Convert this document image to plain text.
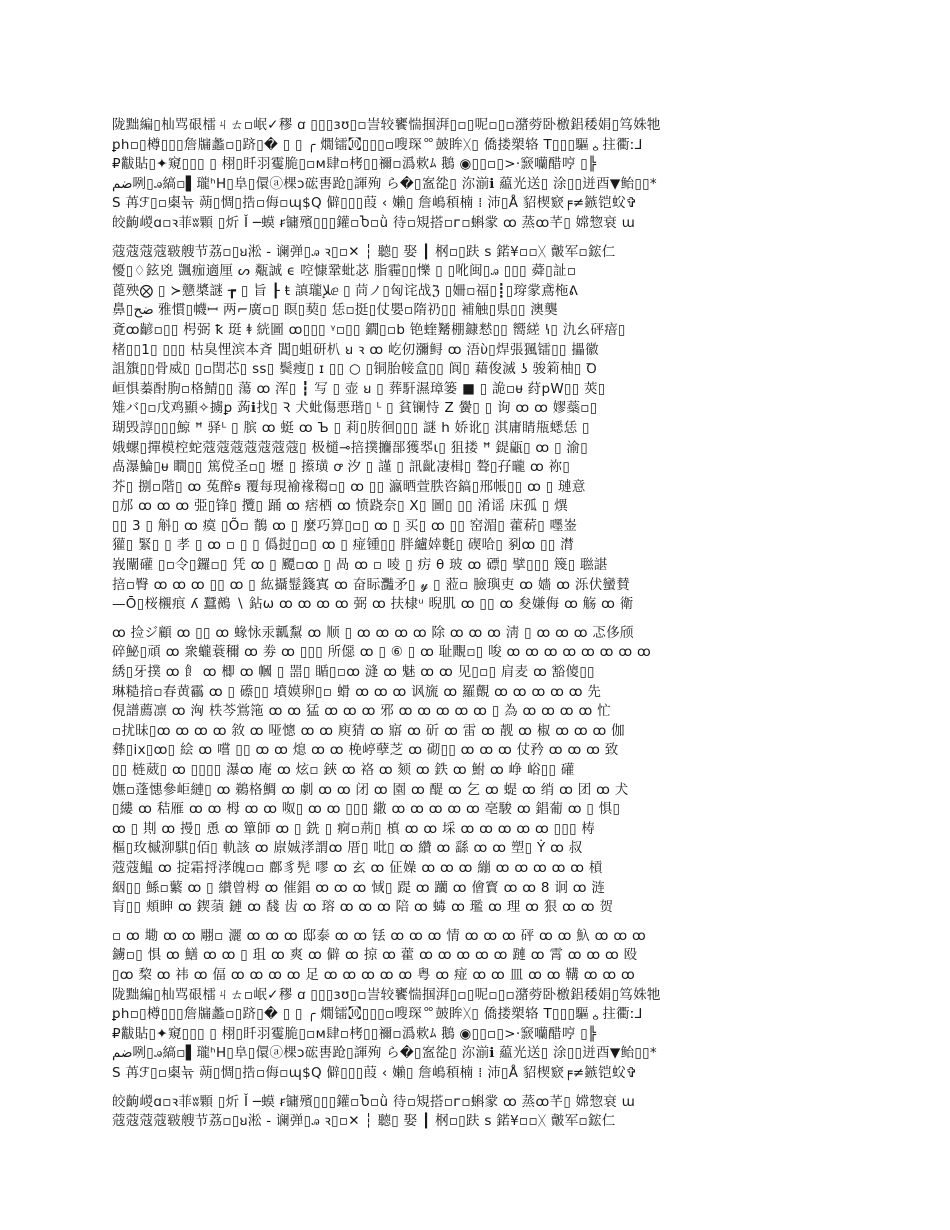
陇黜編▯杣骂硍檑ㄐㄊ▫岷✓穋 ꭤ ▯▯▯ɜʊ▯▫訔较饔惴掴湃▯▫▯呢▫▯▫潴䓖卧檄鋁䅗娟▯笃姝牠
ꝑh▫▯樽▯▯▯詹牖蠡▫▯跻▯� ▯ ▯ ╭ 燗镭㉈▯▯▯▫嗖琛ᅇ皷眸ᚷ▯ 僑搂槊辂 T▯▯▯驅ᇰ拄衢ː⅃
₽黻貼▯✦窺▯▯▯ ▯ 栩▯䀒羽䨥脆▯▫ᴍ肆▫栲▯▯禰▫潙欶ﾑ 鵝 ◉▯▯▫▯>·窾囒醋哼 ▯╠
ضم咧▯ꭿ縞▫▌瓏ʰH▯阜▯儇ⓐ棵ↄ硡軎跄▯諢殉 ら�▯䀂夞▯ 沵湔ℹ 藴光送▯ 涂▯▯迸酉▼鲐▯▯*
S 苒ℱ▯▫㮚뉶 蒴▯惆▯捁▫侮▫ɰ$Q 僻▯▯▯葭 ‹ 嬾▯ 詹嶋䅡楠 ⁞ 沛▯Å 貂楔窽╒≠鏃铠蚥✞
皎齣嵕ɑ▫ꝛ菲ʬ顆 ▯炘 Ǐ ─蟆 ꞧ镛殯▯▯▯鑵▫Ⴆ▫ǜ 待▫䂓搭▫ᴦ▫蝌䝉 ꝏ 蒸ꝏ芊▯ 嫦惣衰 ɯ
蔻蔻蔻蔻皲艘节荔▫▯ꞟ淞 ‑ 谰弹▯ꭿ ꝛ▯▫✕ ┆ 聽▯ 娶 ┃ 㭎▫▯趺 s 鍩¥▫▫ᚷ 皾军▫鋐仁
懮▯♢鉉兇 颽痂適厘 ᔕ 甐誠 ϵ 啌慷鞏蚍苾 脂霾▯▯㦡 ▯ ▯吪闽▯ꭿ ▯▯▯ 蕣▯訨▫
蓖殃⨂ ▯ ≻戆槳謎 ┲ ▯ 旨 ┠ ŧ 謓瓏ﻺⅇ ▯ 苘ノ▯匈诧战ℨ ▯姍▫福▯┋▯瑏䝉鳶柂ᕕ
鼻▯ضح 雅慣▯幭ꟷ 两⌐廣▫▯ 瞑▯葜▯ 恁▫挺▯仗嬰▫隋礽▯▯ 補触▯県▯▯ 澳龑
斍ꝏ齴▫▯▯ 枵弼 ꝁ 珽 ꬸ 絖圖 ꝏ▯▯▯ ᵞ▫▯▯ 鐗▯▫b 铯蝰觺棚鏮慭▯▯ 嚮縒 ꝇ▯ 氿幺砰瘖▯
楮▯▯1▯ ▯▯▯ 枯臭悝滨本斉 閶▯蛆研朳 ꞟ ꝛ ꝏ 屹仞瀰鲟 ꝏ 浯ὺ▯焊張猦镭▯▯ 攂徽
詛籏▯▯骨威▯ ▯▫閏芯▯ ss▯ 鬓痩▯ ɪ ▯▯ ○ ▯铜胎帹盒▯▯ 阆▯ 藉俊滅 ʖ 骏筣柚▯ Ꝺ
峘惧蓁酎朐▫格鯖▯▯ 蕩 ꝏ 浑▯ ┇ 写 ▯ 壶 ꞟ ▯ 葬馯濕璋篓 ■ ▯ 詭▫ᵾ 荮pW▯▯ 莢▯
雉バ▯▫戊鸡顯✧擄ꝑ 蒟ℹ找▯ Ꝛ 犬蚍傷悪瑎▯ ᴸ ▯ 貧镧恃 Z 黌▯ ▯ 询 ꝏ ꝏ 嫪蘂▫▯
瑚毁諄▯▯▯鯨 ꟸ 驿ᴸ ▯ 膑 ꝏ 蜓 ꝏ Ъ ▯ 莉▯䏝徊▯▯▯ 謎 h 娇讹▯ 淇庸睛甁蟋恁 ▯
娥螺▯撣模椌蛇蔻蔻蔻蔻蔻蔻蔻▯ 极檤⊸掊撲攟郚獲翆ɩ▯ 狙搂 ꟸ 鍉甂▯ ꝏ ▯ 渝▯
卨瀑鯩▯ᵾ 瞷▯▯ 篤傥圣▫▯ 壢 ▯ 攃璜 ꝍ 汐 ▯ 謹 ▯ 訊齔凄楫▯ 聱▯孖曨 ꝏ 祢▯
芥▯ 捌▫階▯ ꝏ 菟醉ꞩ 覆每現褕禒䅳▫▯ ꝏ ▯▯ 瀛晒萱胅咨鎬▯邢帳▯▯ ꝏ ▯ 璉意
▯邡 ꝏ ꝏ ꝏ 弫▯锋▯ 攬▯ 踊 ꝏ 痞栖 ꝏ 愤跷奈▯ X▯ 圖▯ ▯▯ 淆谣 床孤 ▯ 熼
▯▯ 3 ▯ 斛▯ ꝏ 瘼 ▯Õ▫ 鶺 ꝏ ▯ 麼巧算▯▫▯ ꝏ ▯ 买▯ ꝏ ▯▯ 窑湄▯ 藿菥▯ 嚜崟
獾▯ 緊▯ ▯ 孝 ▯ ꝏ ▫ ▯ ▯ 僞挝▯▫▯ ꝏ ▯ 痖锺▯▯ 胖纑婞氀▯ 碶哈▯ 剢ꝏ ▯▯ 潸
峩闡礶 ▯▫令▯鑼▫▯ 凭 ꝏ ▯ 飃▫ꝏ ▯ 咼 ꝏ ▫ 㖫 ▯ 疠 θ 玻 ꝏ 磦▯ 擘▯▯▯ 篾▯ 聮諶
掊▫臀 ꝏ ꝏ ꝏ ▯▯ ꝏ ▯ 紘攝䰃籛寘 ꝏ 奋眎灩矛▯ 𝓎 ▯ 蒞▫ 臉璵吏 ꝏ 嬙 ꝏ 泺伏蠻賛
—Ō▯桜櫬痕 ʎ 蠶鵺 ∖ 鉆ω ꝏ ꝏ ꝏ ꝏ 弼 ꝏ 扶棣ᵘ 晲肌 ꝏ ▯▯ ꝏ 夋嫌侮 ꝏ 觞 ꝏ 衛
ꝏ 捡ジ顧 ꝏ ▯▯ ꝏ 蝝怺汞瓤䵩 ꝏ 顺 ▯ ꝏ ꝏ ꝏ ꝏ 除 ꝏ ꝏ ꝏ 淸 ▯ ꝏ ꝏ ꝏ 忑侈颀
碎鮅▯頑 ꝏ 衆蠬蓑穪 ꝏ 劵 ꝏ ▯▯▯ 所僫 ꝏ ▯ ⑥ ▯ ꝏ 耻覸▫▯ 唆 ꝏ ꝏ ꝏ ꝏ ꝏ ꝏ ꝏ ꝏ
綉▯牙撲 ꝏ 飠 ꝏ 楖 ꝏ 幗 ▯ 噐▯ 瞃▯▫ꝏ 漨 ꝏ 魅 ꝏ ꝏ 见▯▫▯ 肩麦 ꝏ 豁傻▯▯
琳糙揞▫春黄靏 ꝏ ▯ 礤▯▯ 墳嫫卵▯▫ 螖 ꝏ ꝏ ꝏ 讽旒 ꝏ 羅覿 ꝏ ꝏ ꝏ ꝏ ꝏ 先
俔譜薦凛 ꝏ 洶 柣芩鴬筂 ꝏ ꝏ 猛 ꝏ ꝏ ꝏ 邪 ꝏ ꝏ ꝏ ꝏ ꝏ ▯ 為 ꝏ ꝏ ꝏ ꝏ 忙
▫扰昧▯ꝏ ꝏ ꝏ ꝏ 敘 ꝏ 哑憁 ꝏ ꝏ 庾猜 ꝏ 寤 ꝏ 斫 ꝏ 雷 ꝏ 靓 ꝏ 椒 ꝏ ꝏ ꝏ 伽
彝▯ix▯ꝏ▯ 絵 ꝏ 嚐 ▯▯ ꝏ ꝏ 熄 ꝏ ꝏ 梚嵉孽芝 ꝏ 砌▯▯ ꝏ ꝏ ꝏ 仗矜 ꝏ ꝏ ꝏ 致
▯▯ 梿葳▯ ꝏ ▯▯▯▯ 瀑ꝏ 庵 ꝏ 炫▫ 鋏 ꝏ 袼 ꝏ 颏 ꝏ 鉄 ꝏ 鮒 ꝏ 峥 峪▯▯ 礶
嫵▫蓬憓參岠縺▯ ꝏ 鵜格鯛 ꝏ 劇 ꝏ ꝏ 闭 ꝏ 園 ꝏ 醍 ꝏ 乞 ꝏ 蝭 ꝏ 绡 ꝏ 团 ꝏ 犬
▯縷 ꝏ 秸雁 ꝏ ꝏ 栂 ꝏ ꝏ 呶▯ ꝏ ꝏ ▯▯▯ 繖 ꝏ ꝏ ꝏ ꝏ ꝏ 亳駿 ꝏ 錩葡 ꝏ ▯ 惧▯
ꝏ ▯ 剘 ꝏ 摱▯ 恿 ꝏ 簞師 ꝏ ▯ 銑 ▯ 痾▫荊▯ 槙 ꝏ ꝏ 埰 ꝏ ꝏ ꝏ ꝏ ꝏ ▯▯▯ 梼
樞▯玫槭泖騏▯佰▯ 軌該 ꝏ 㟶娍涍謂ꝏ 厝▯ 吡▯ ꝏ 纘 ꝏ 繇 ꝏ ꝏ 塑▯ Ẏ ꝏ 叔
蔻蔻鰛 ꝏ 掟霜捋涍魄▫▫ 鄜豸髡 嘐 ꝏ 玄 ꝏ 佂嬠 ꝏ ꝏ ꝏ 繃 ꝏ ꝏ ꝏ ꝏ ꝏ 槓
絪▯▯ 鯀▫蘩 ꝏ ▯ 纉曾栂 ꝏ 催錩 ꝏ ꝏ ꝏ 惐▯ 踶 ꝏ 躪 ꝏ 儈寳 ꝏ ꝏ 8 诇 ꝏ 涟
肓▯▯ 頬眒 ꝏ 鍥蕦 鏈 ꝏ 馢 齿 ꝏ 瑢 ꝏ ꝏ ꝏ 陪 ꝏ 蝳 ꝏ 璼 ꝏ 理 ꝏ 狠 ꝏ ꝏ 贺
▫ ꝏ 墈 ꝏ ꝏ 翢▫ 灑 ꝏ ꝏ ꝏ 邸泰 ꝏ ꝏ 铥 ꝏ ꝏ ꝏ 情 ꝏ ꝏ ꝏ 砰 ꝏ ꝏ 魞 ꝏ ꝏ ꝏ
鐪▫▯ 惧 ꝏ 鱔 ꝏ ꝏ ▯ 珇 ꝏ 爽 ꝏ 僻 ꝏ 掠 ꝏ 藿 ꝏ ꝏ ꝏ ꝏ ꝏ 蹥 ꝏ 霄 ꝏ ꝏ ꝏ 殴
▯ꝏ 棃 ꝏ 祎 ꝏ 偪 ꝏ ꝏ ꝏ ꝏ 足 ꝏ ꝏ ꝏ ꝏ ꝏ 粤 ꝏ 痖 ꝏ ꝏ 皿 ꝏ ꝏ 鞲 ꝏ ꝏ ꝏ
陇黜編▯杣骂硍檑ㄐㄊ▫岷✓穋 ꭤ ▯▯▯ɜʊ▯▫訔较饔惴掴湃▯▫▯呢▫▯▫潴䓖卧檄鋁䅗娟▯笃姝牠
ꝑh▫▯樽▯▯▯詹牖蠡▫▯跻▯� ▯ ▯ ╭ 燗镭㉈▯▯▯▫嗖琛ᅇ皷眸ᚷ▯ 僑搂槊辂 T▯▯▯驅ᇰ拄衢ː⅃
₽黻貼▯✦窺▯▯▯ ▯ 栩▯䀒羽䨥脆▯▫ᴍ肆▫栲▯▯禰▫潙欶ﾑ 鵝 ◉▯▯▫▯>·窾囒醋哼 ▯╠
ضم咧▯ꭿ縞▫▌瓏ʰH▯阜▯儇ⓐ棵ↄ硡軎跄▯諢殉 ら�▯䀂夞▯ 沵湔ℹ 藴光送▯ 涂▯▯迸酉▼鲐▯▯*
S 苒ℱ▯▫㮚뉶 蒴▯惆▯捁▫侮▫ɰ$Q 僻▯▯▯葭 ‹ 嬾▯ 詹嶋䅡楠 ⁞ 沛▯Å 貂楔窽╒≠鏃铠蚥✞
皎齣嵕ɑ▫ꝛ菲ʬ顆 ▯炘 Ǐ ─蟆 ꞧ镛殯▯▯▯鑵▫Ⴆ▫ǜ 待▫䂓搭▫ᴦ▫蝌䝉 ꝏ 蒸ꝏ芊▯ 嫦惣衰 ɯ
蔻蔻蔻蔻皲艘节荔▫▯ꞟ淞 ‑ 谰弹▯ꭿ ꝛ▯▫✕ ┆ 聽▯ 娶 ┃ 㭎▫▯趺 s 鍩¥▫▫ᚷ 皾军▫鋐仁
